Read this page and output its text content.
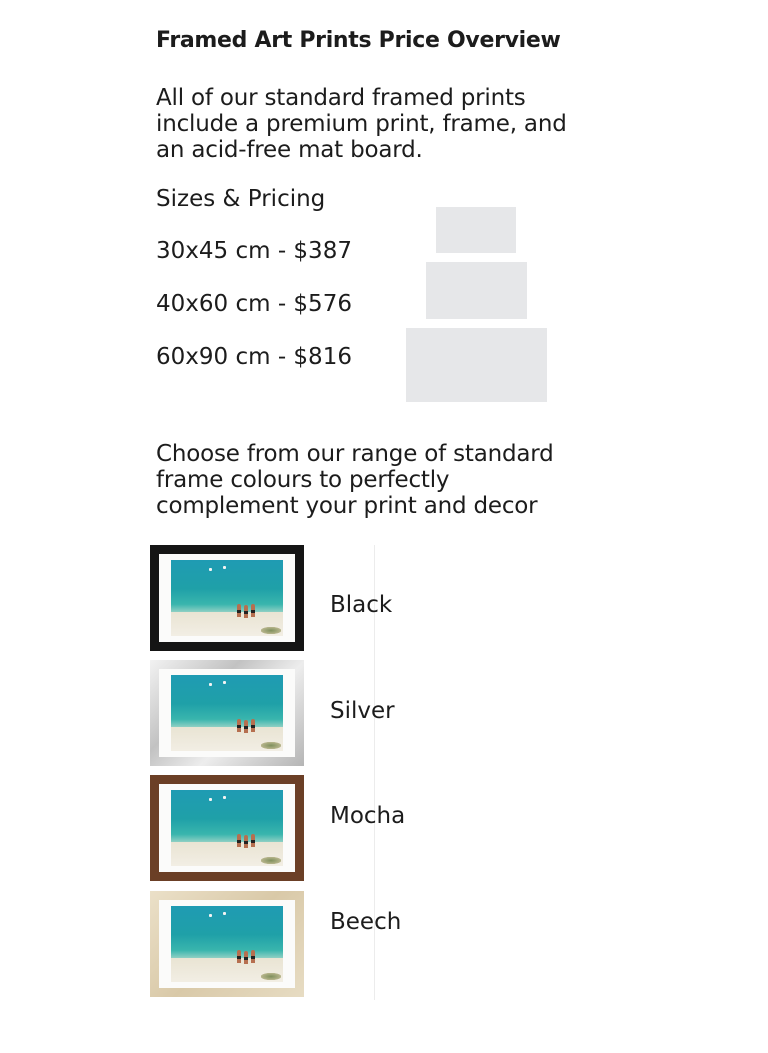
Framed Art Prints Price Overview
All of our standard framed prints
include a premium print, frame, and
an acid-free mat board.
Sizes & Pricing
30x45 cm - $387
40x60 cm - $576
60x90 cm - $816
Choose from our range of standard
frame colours to perfectly
complement your print and decor
Black
Silver
Mocha
Beech
